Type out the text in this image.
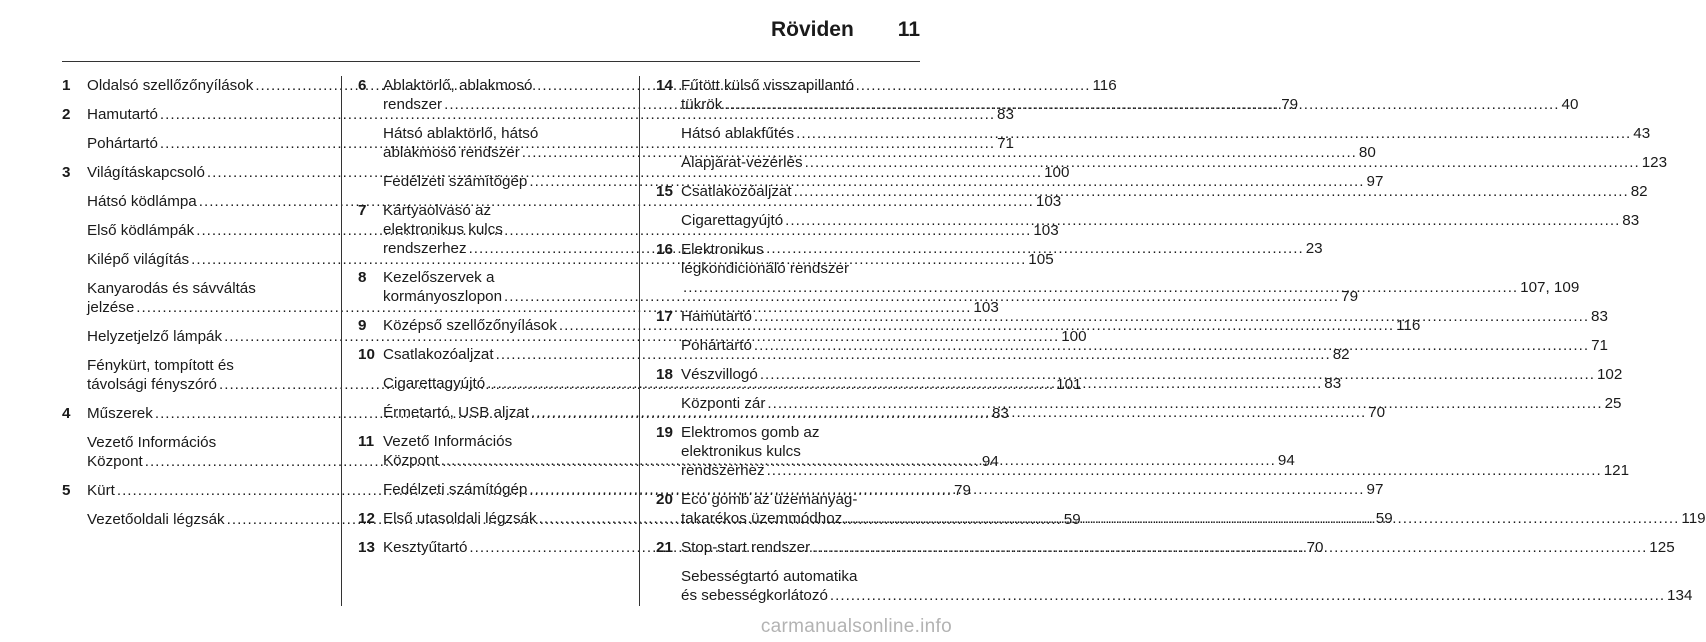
Röviden 11
1	Oldalsó szellőzőnyílások .....	116
2	Hamutartó .....	83
Pohártartó .....	71
3	Világításkapcsoló .....	100
Hátsó ködlámpa .....	103
Első ködlámpák .....	103
Kilépő világítás .....	105
Kanyarodás és sávváltás
jelzése .....	103
Helyzetjelző lámpák .....	100
Fénykürt, tompított és
távolsági fényszóró .....	101
4	Műszerek .....	83
Vezető Információs
Központ .....	94
5	Kürt .....	79
Vezetőoldali légzsák .....	59
6	Ablaktörlő, ablakmosó
rendszer .....	79
Hátsó ablaktörlő, hátsó
ablakmosó rendszer .....	80
Fedélzeti számítógép .....	97
7	Kártyaolvasó az
elektronikus kulcs
rendszerhez .....	23
8	Kezelőszervek a
kormányoszlopon .....	79
9	Középső szellőzőnyílások .....	116
10 Csatlakozóaljzat .....	82
Cigarettagyújtó .....	83
Érmetartó, USB aljzat .....	70
11 Vezető Információs
Központ .....	94
Fedélzeti számítógép .....	97
12 Első utasoldali légzsák .....	59
13 Kesztyűtartó .....	70
14 Fűtött külső visszapillantó
tükrök .....	40
Hátsó ablakfűtés .....	43
Alapjárat-vezérlés .....	123
15 Csatlakozóaljzat .....	82
Cigarettagyújtó .....	83
16 Elektronikus
légkondicionáló rendszer
.....
107, 109
17 Hamutartó .....	83
Pohártartó .....	71
18 Vészvillogó .....	102
Központi zár .....	25
19 Elektromos gomb az
elektronikus kulcs
rendszerhez .....	121
20 Eco gomb az üzemanyag-
takarékos üzemmódhoz .....	119
21 Stop-start rendszer .....	125
Sebességtartó automatika
és sebességkorlátozó .....	134
carmanualsonline.info
